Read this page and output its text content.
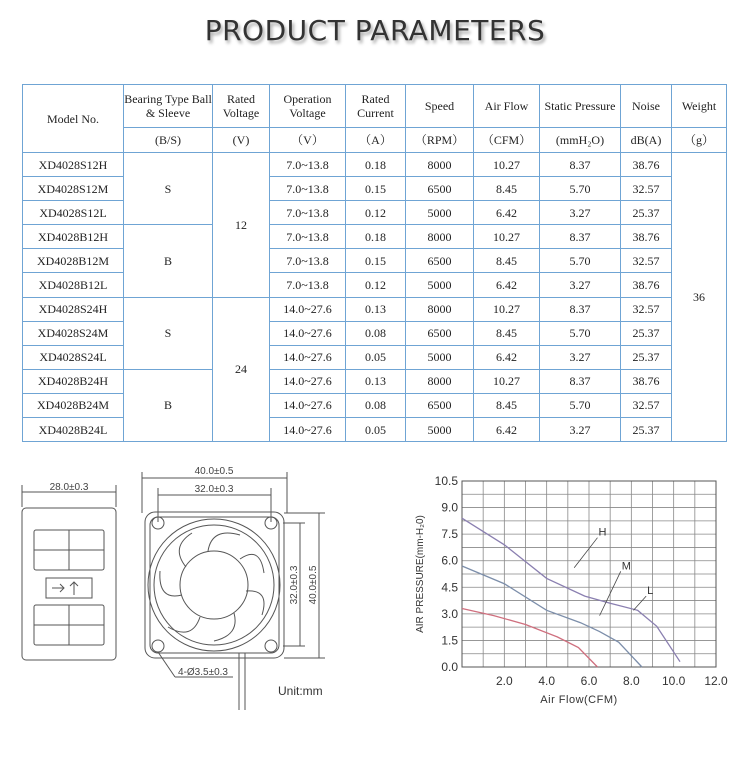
PRODUCT PARAMETERS
Model No.	Bearing Type Ball & Sleeve	Rated Voltage	Operation Voltage	Rated Current	Speed	Air Flow	Static Pressure	Noise	Weight
	(B/S)	(V)	（V）	（A）	（RPM）	（CFM）	(mmH₂O)	dB(A)	（g）
XD4028S12H	S	12	7.0~13.8	0.18	8000	10.27	8.37	38.76	36
XD4028S12M			7.0~13.8	0.15	6500	8.45	5.70	32.57	
XD4028S12L			7.0~13.8	0.12	5000	6.42	3.27	25.37	
XD4028B12H	B		7.0~13.8	0.18	8000	10.27	8.37	38.76	
XD4028B12M			7.0~13.8	0.15	6500	8.45	5.70	32.57	
XD4028B12L			7.0~13.8	0.12	5000	6.42	3.27	38.76	
XD4028S24H	S	24	14.0~27.6	0.13	8000	10.27	8.37	32.57	
XD4028S24M			14.0~27.6	0.08	6500	8.45	5.70	25.37	
XD4028S24L			14.0~27.6	0.05	5000	6.42	3.27	25.37	
XD4028B24H	B		14.0~27.6	0.13	8000	10.27	8.37	38.76	
XD4028B24M			14.0~27.6	0.08	6500	8.45	5.70	32.57	
XD4028B24L			14.0~27.6	0.05	5000	6.42	3.27	25.37	
28.0±0.3
40.0±0.5
32.0±0.3
32.0±0.3 40.0±0.5
4-Ø3.5±0.3
Unit:mm
2.0 4.0 6.0 8.0 10.0 12.0
0.0
1.5
3.0
4.5
6.0
7.5
9.0
10.5
Air Flow(CFM)
AIR PRESSURE(mm-H₂0)	H
M
L
